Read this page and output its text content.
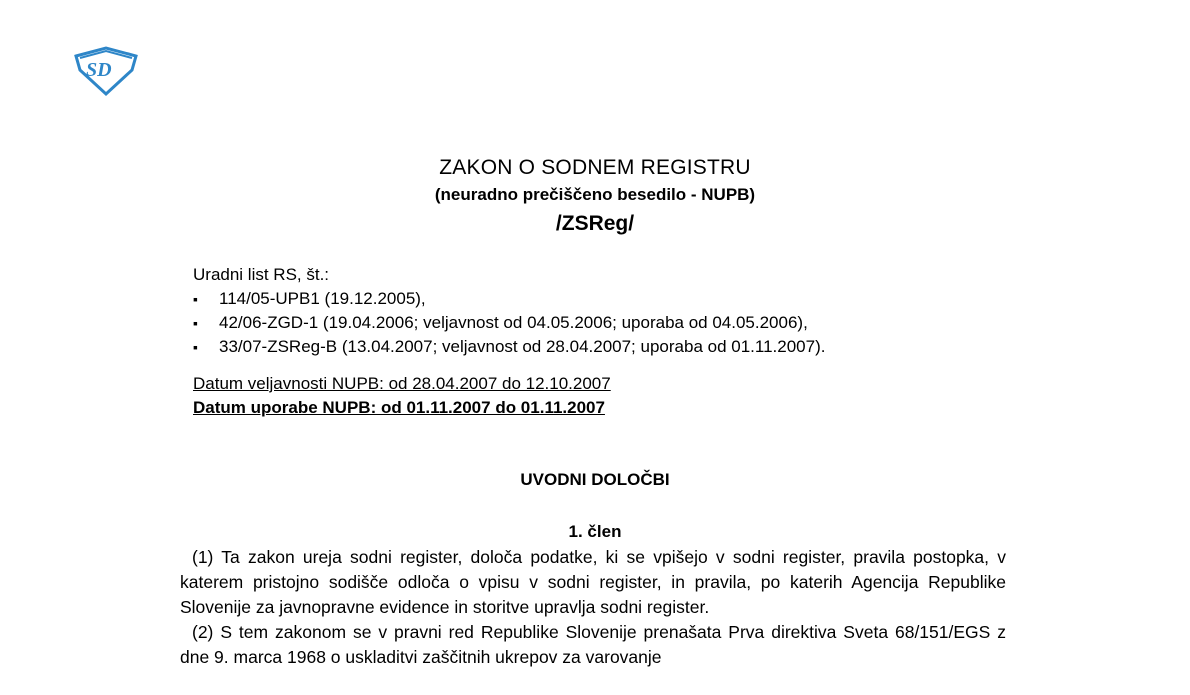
SD
ZAKON O SODNEM REGISTRU
(neuradno prečiščeno besedilo - NUPB)
/ZSReg/
Uradni list RS, št.:
▪ 114/05-UPB1 (19.12.2005),
▪ 42/06-ZGD-1 (19.04.2006; veljavnost od 04.05.2006; uporaba od 04.05.2006),
▪ 33/07-ZSReg-B (13.04.2007; veljavnost od 28.04.2007; uporaba od 01.11.2007).
Datum veljavnosti NUPB: od 28.04.2007 do 12.10.2007
Datum uporabe NUPB: od 01.11.2007 do 01.11.2007
UVODNI DOLOČBI
1. člen

(1) Ta zakon ureja sodni register, določa podatke, ki se vpišejo v sodni register, pravila postopka, v katerem pristojno sodišče odloča o vpisu v sodni register, in pravila, po katerih Agencija Republike Slovenije za javnopravne evidence in storitve upravlja sodni register.

(2) S tem zakonom se v pravni red Republike Slovenije prenašata Prva direktiva Sveta 68/151/EGS z dne 9. marca 1968 o uskladitvi zaščitnih ukrepov za varovanje
